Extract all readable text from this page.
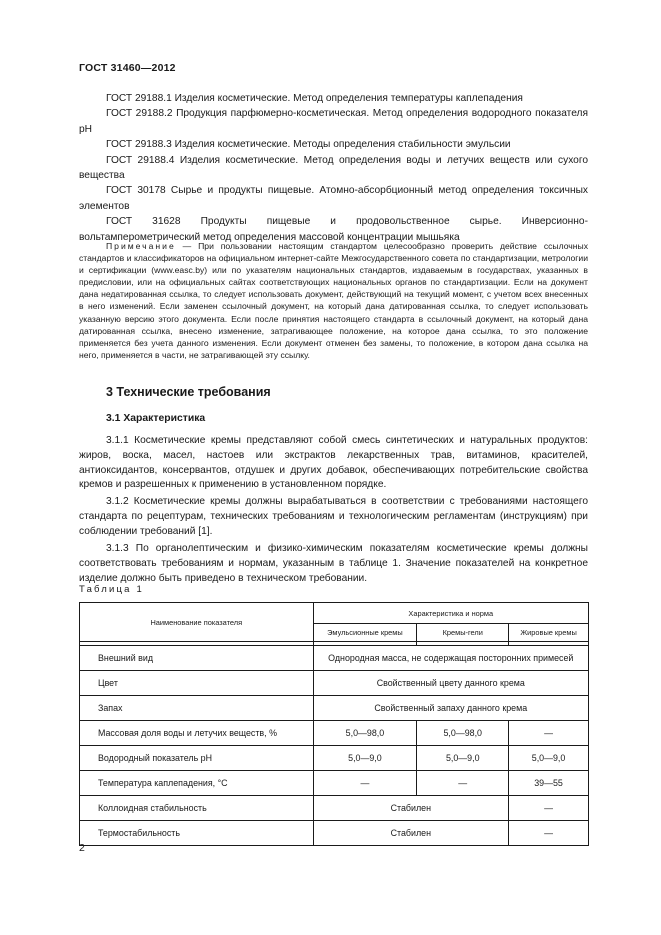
ГОСТ 31460—2012

ГОСТ 29188.1 Изделия косметические. Метод определения температуры каплепадения

ГОСТ 29188.2 Продукция парфюмерно-косметическая. Метод определения водородного показателя pH

ГОСТ 29188.3 Изделия косметические. Методы определения стабильности эмульсии

ГОСТ 29188.4 Изделия косметические. Метод определения воды и летучих веществ или сухого вещества

ГОСТ 30178 Сырье и продукты пищевые. Атомно-абсорбционный метод определения токсичных элементов

ГОСТ 31628 Продукты пищевые и продовольственное сырье. Инверсионно-вольтамперометрический метод определения массовой концентрации мышьяка

Примечание — При пользовании настоящим стандартом целесообразно проверить действие ссылочных стандартов и классификаторов на официальном интернет-сайте Межгосударственного совета по стандартизации, метрологии и сертификации (www.easc.by) или по указателям национальных стандартов, издаваемым в государствах, указанных в предисловии, или на официальных сайтах соответствующих национальных органов по стандартизации. Если на документ дана недатированная ссылка, то следует использовать документ, действующий на текущий момент, с учетом всех внесенных в него изменений. Если заменен ссылочный документ, на который дана датированная ссылка, то следует использовать указанную версию этого документа. Если после принятия настоящего стандарта в ссылочный документ, на который дана датированная ссылка, внесено изменение, затрагивающее положение, на которое дана ссылка, то это положение применяется без учета данного изменения. Если документ отменен без замены, то положение, в котором дана ссылка на него, применяется в части, не затрагивающей эту ссылку.

3 Технические требования
3.1 Характеристика

3.1.1 Косметические кремы представляют собой смесь синтетических и натуральных продуктов: жиров, воска, масел, настоев или экстрактов лекарственных трав, витаминов, красителей, антиоксидантов, консервантов, отдушек и других добавок, обеспечивающих потребительские свойства кремов и разрешенных к применению в установленном порядке.

3.1.2 Косметические кремы должны вырабатываться в соответствии с требованиями настоящего стандарта по рецептурам, технических требованиям и технологическим регламентам (инструкциям) при соблюдении требований [1].

3.1.3 По органолептическим и физико-химическим показателям косметические кремы должны соответствовать требованиям и нормам, указанным в таблице 1. Значение показателей на конкретное изделие должно быть приведено в техническом требовании.

Таблица 1
Наименование показателя	Характеристика и норма		
	Эмульсионные кремы	Кремы-гели	Жировые кремы

Внешний вид	Однородная масса, не содержащая посторонних примесей		
Цвет	Свойственный цвету данного крема		
Запах	Свойственный запаху данного крема		
Массовая доля воды и летучих веществ, %	5,0—98,0	5,0—98,0	—
Водородный показатель pH	5,0—9,0	5,0—9,0	5,0—9,0
Температура каплепадения, °С	—	—	39—55
Коллоидная стабильность	Стабилен		—
Термостабильность	Стабилен		—
2
